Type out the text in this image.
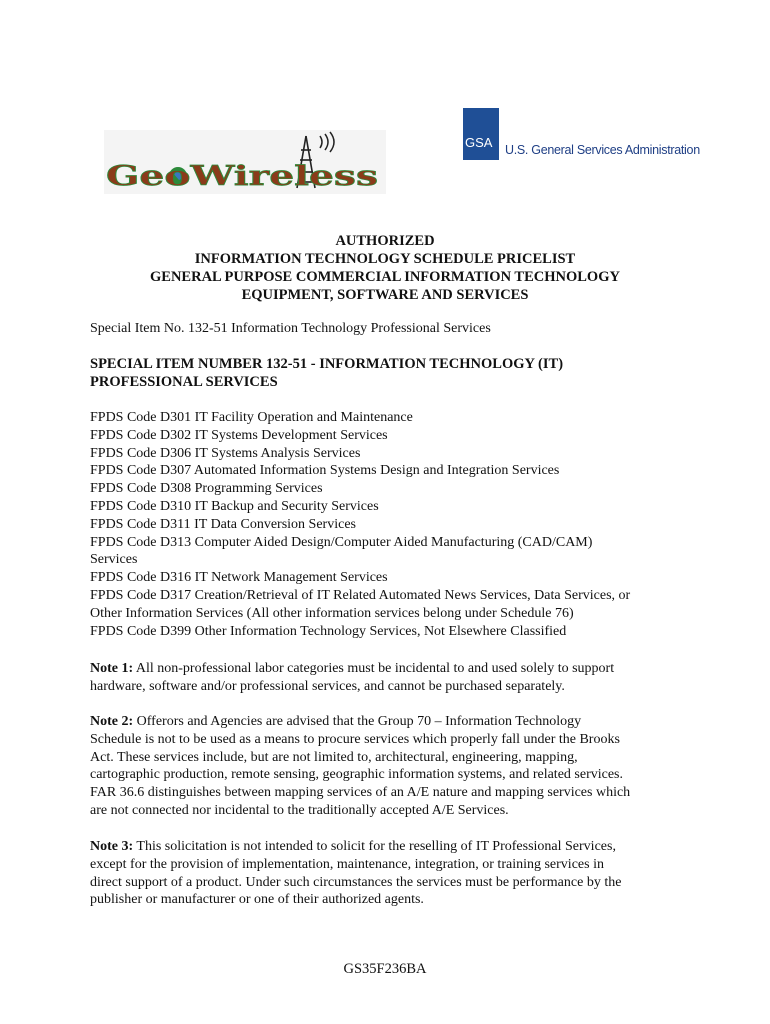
GeoWireless
GSA U.S. General Services Administration
AUTHORIZED
INFORMATION TECHNOLOGY SCHEDULE PRICELIST
GENERAL PURPOSE COMMERCIAL INFORMATION TECHNOLOGY
EQUIPMENT, SOFTWARE AND SERVICES
Special Item No. 132-51 Information Technology Professional Services
SPECIAL ITEM NUMBER 132-51 - INFORMATION TECHNOLOGY (IT)
PROFESSIONAL SERVICES
FPDS Code D301 IT Facility Operation and Maintenance
FPDS Code D302 IT Systems Development Services
FPDS Code D306 IT Systems Analysis Services
FPDS Code D307 Automated Information Systems Design and Integration Services
FPDS Code D308 Programming Services
FPDS Code D310 IT Backup and Security Services
FPDS Code D311 IT Data Conversion Services
FPDS Code D313 Computer Aided Design/Computer Aided Manufacturing (CAD/CAM)
Services
FPDS Code D316 IT Network Management Services
FPDS Code D317 Creation/Retrieval of IT Related Automated News Services, Data Services, or
Other Information Services (All other information services belong under Schedule 76)
FPDS Code D399 Other Information Technology Services, Not Elsewhere Classified
Note 1: All non-professional labor categories must be incidental to and used solely to support
hardware, software and/or professional services, and cannot be purchased separately.
Note 2: Offerors and Agencies are advised that the Group 70 – Information Technology
Schedule is not to be used as a means to procure services which properly fall under the Brooks
Act. These services include, but are not limited to, architectural, engineering, mapping,
cartographic production, remote sensing, geographic information systems, and related services.
FAR 36.6 distinguishes between mapping services of an A/E nature and mapping services which
are not connected nor incidental to the traditionally accepted A/E Services.
Note 3: This solicitation is not intended to solicit for the reselling of IT Professional Services,
except for the provision of implementation, maintenance, integration, or training services in
direct support of a product. Under such circumstances the services must be performance by the
publisher or manufacturer or one of their authorized agents.
GS35F236BA
